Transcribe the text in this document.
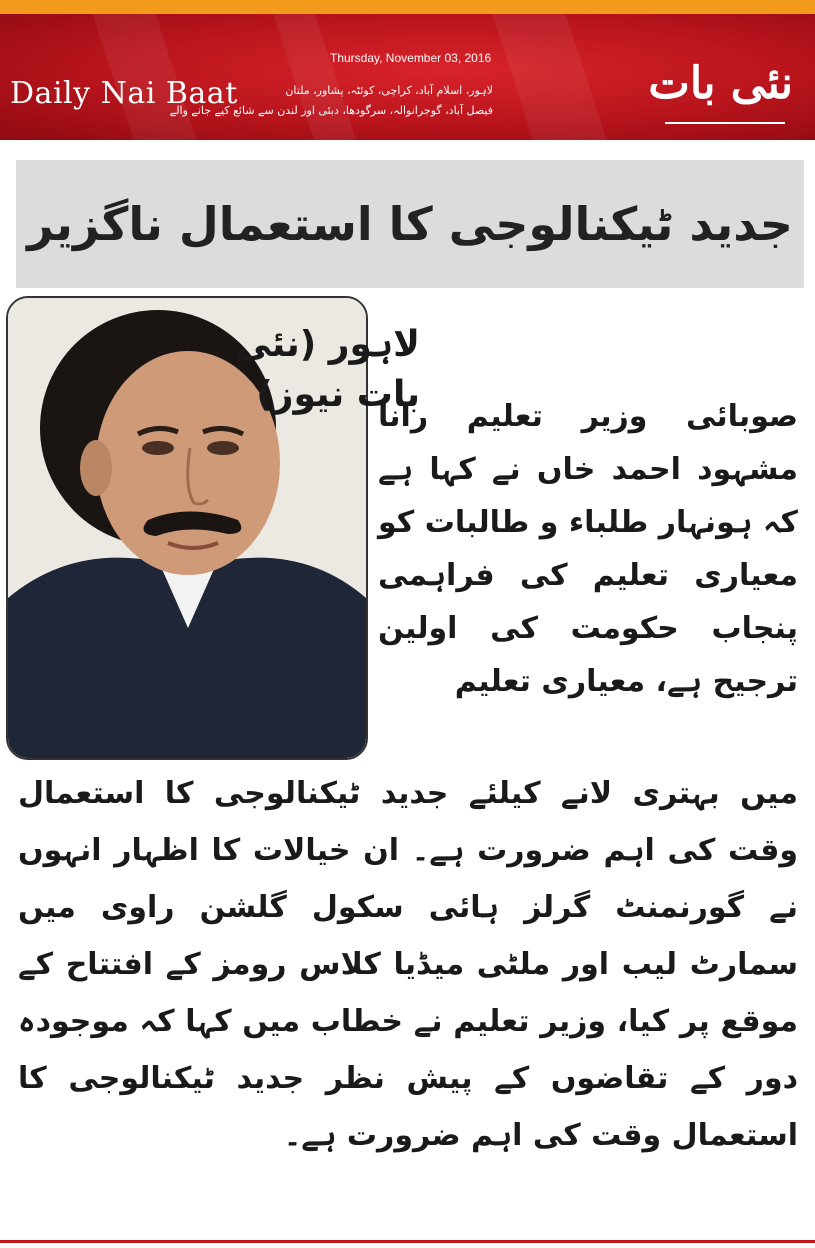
Daily Nai Baat
Thursday, November 03, 2016
لاہور، اسلام آباد، کراچی، کوئٹہ، پشاور، ملتان
فیصل آباد، گوجرانوالہ، سرگودھا، دبئی اور لندن سے شائع کیے جانے والے
نئی بات
جدید ٹیکنالوجی کا استعمال ناگزیر
لاہور (نئی بات نیوز)
صوبائی وزیر تعلیم رانا مشہود احمد خاں نے کہا ہے کہ ہونہار طلباء و طالبات کو معیاری تعلیم کی فراہمی پنجاب حکومت کی اولین ترجیح ہے، معیاری تعلیم
میں بہتری لانے کیلئے جدید ٹیکنالوجی کا استعمال وقت کی اہم ضرورت ہے۔ ان خیالات کا اظہار انہوں نے گورنمنٹ گرلز ہائی سکول گلشن راوی میں سمارٹ لیب اور ملٹی میڈیا کلاس رومز کے افتتاح کے موقع پر کیا، وزیر تعلیم نے خطاب میں کہا کہ موجودہ دور کے تقاضوں کے پیش نظر جدید ٹیکنالوجی کا استعمال وقت کی اہم ضرورت ہے۔
